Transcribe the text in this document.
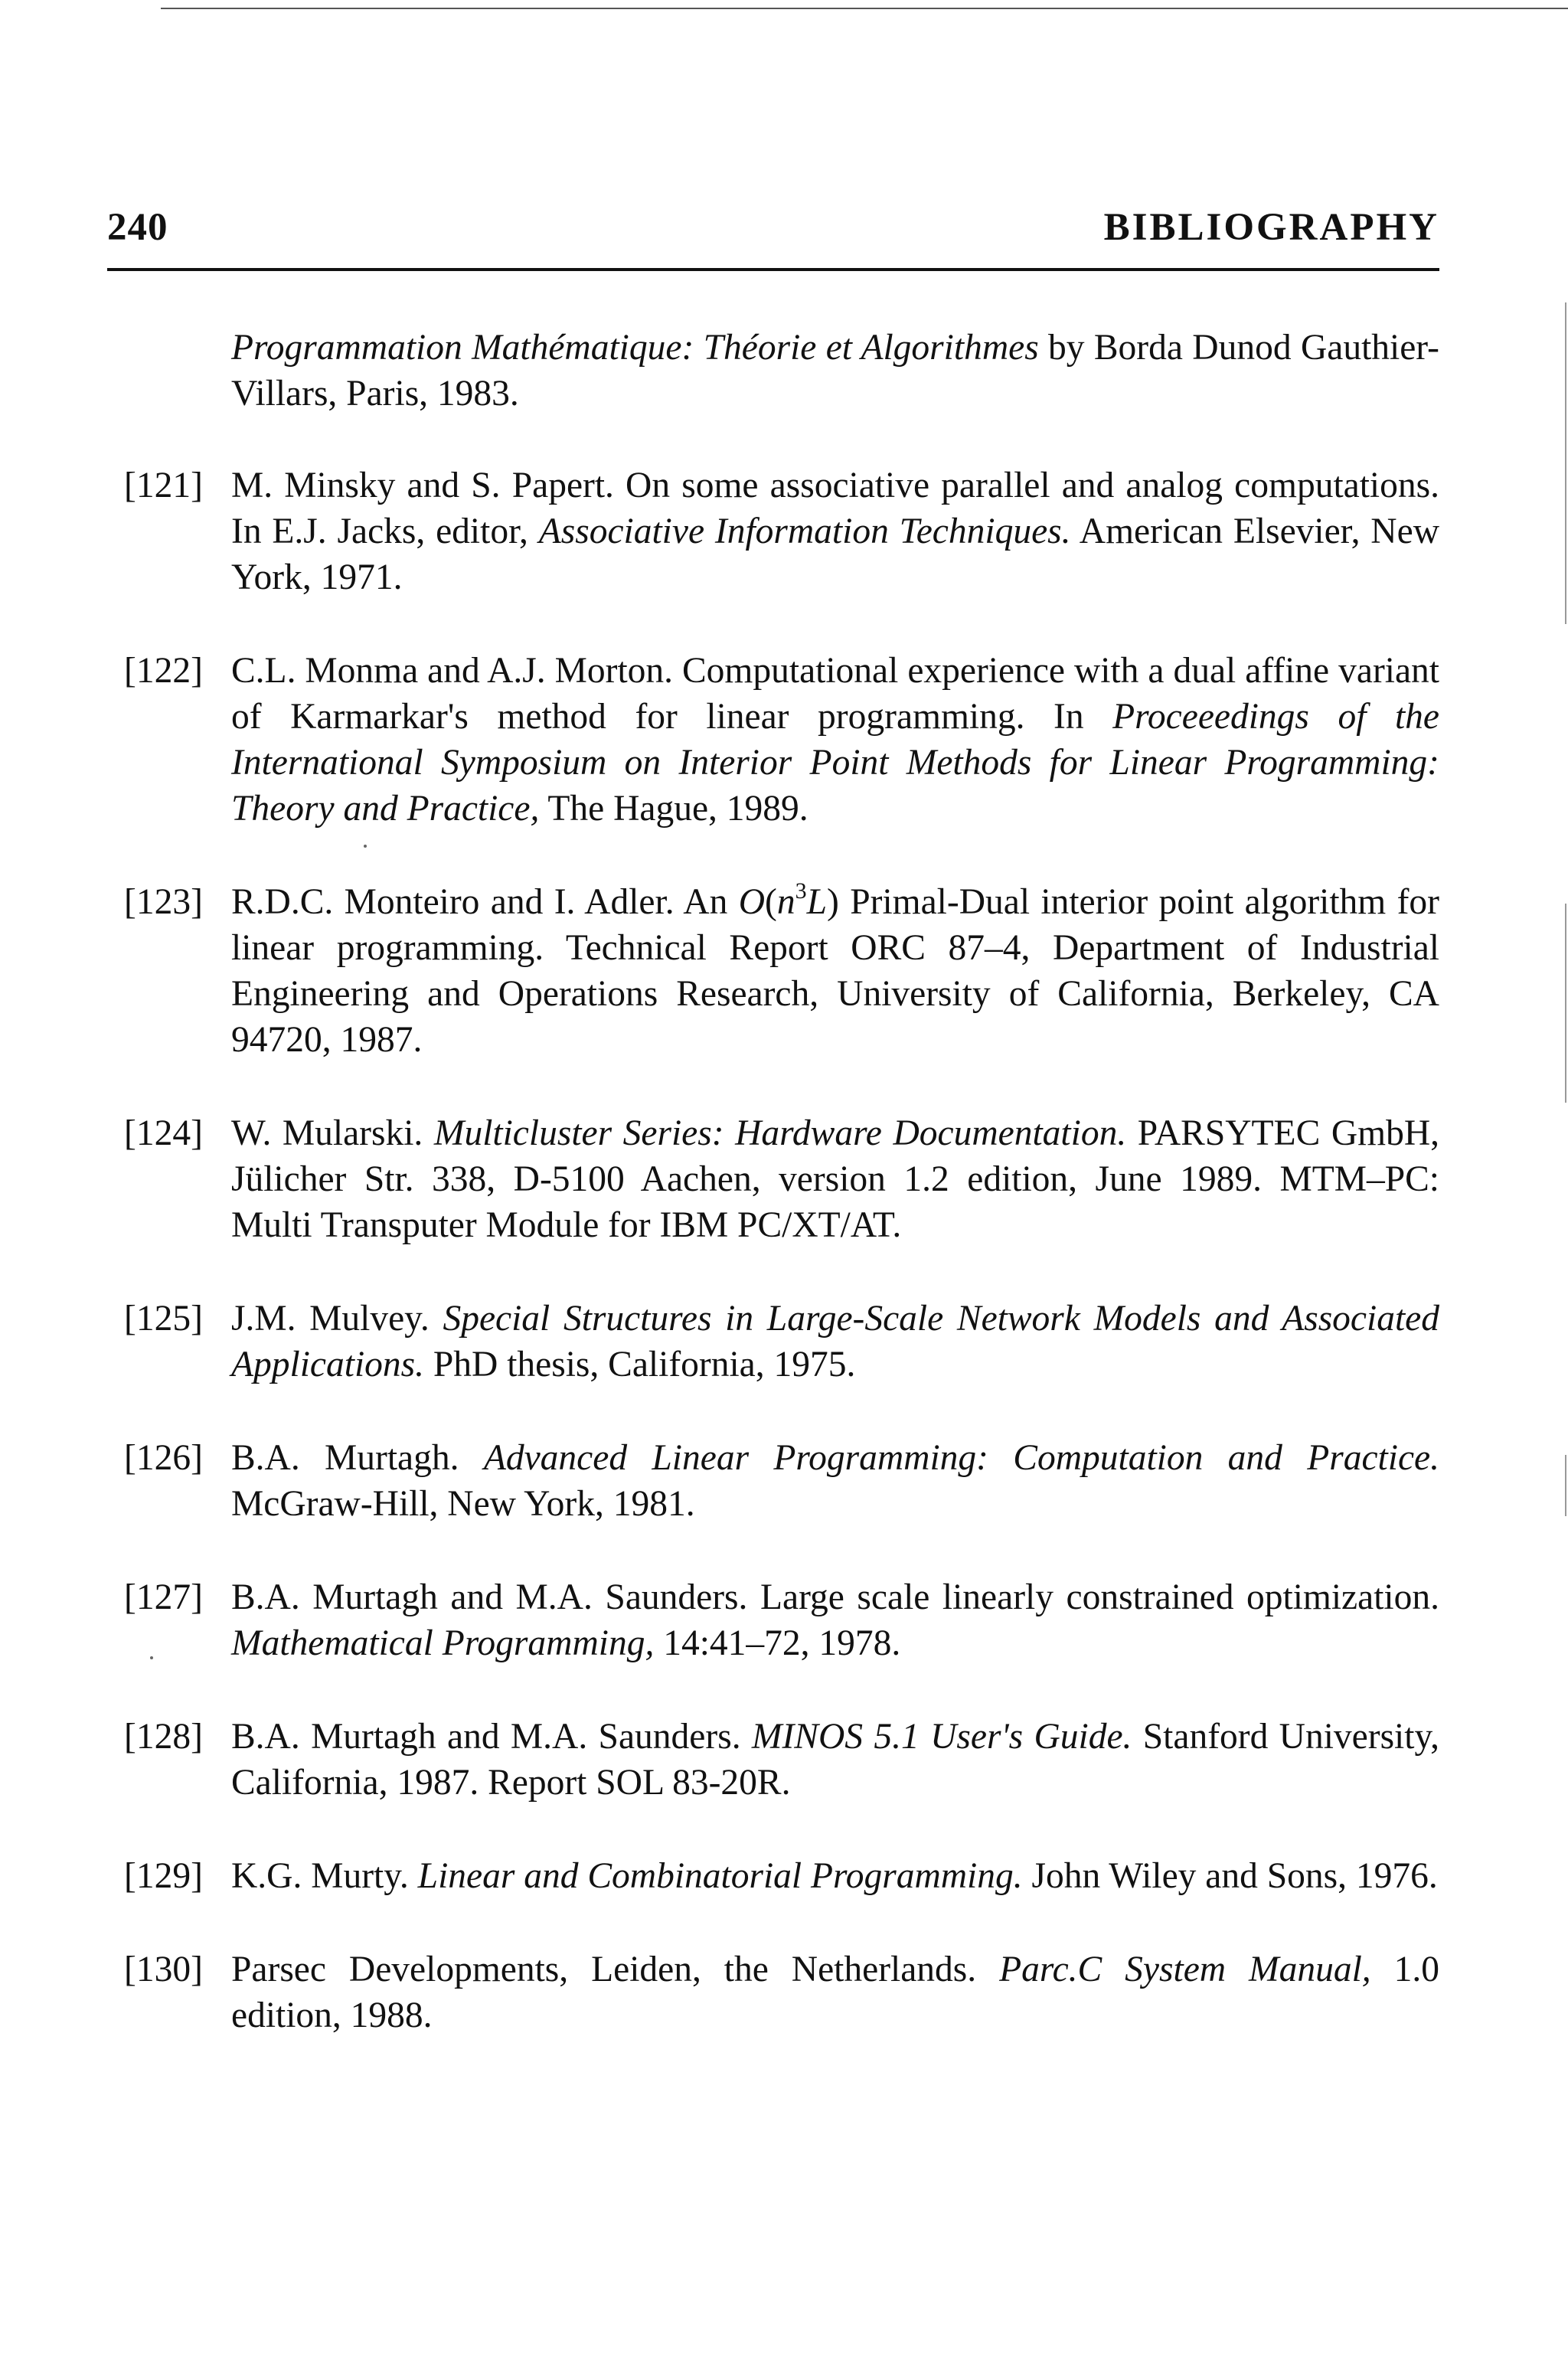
240	BIBLIOGRAPHY
Programmation Mathématique: Théorie et Algorithmes by Borda Dunod Gauthier-Villars, Paris, 1983.
[121] M. Minsky and S. Papert. On some associative parallel and analog computations. In E.J. Jacks, editor, Associative Information Techniques. American Elsevier, New York, 1971.
[122] C.L. Monma and A.J. Morton. Computational experience with a dual affine variant of Karmarkar's method for linear programming. In Proceeedings of the International Symposium on Interior Point Methods for Linear Programming: Theory and Practice, The Hague, 1989.
[123] R.D.C. Monteiro and I. Adler. An $O(n^3L)$ Primal-Dual interior point algorithm for linear programming. Technical Report ORC 87–4, Department of Industrial Engineering and Operations Research, University of California, Berkeley, CA 94720, 1987.
[124] W. Mularski. Multicluster Series: Hardware Documentation. PARSYTEC GmbH, Jülicher Str. 338, D-5100 Aachen, version 1.2 edition, June 1989. MTM–PC: Multi Transputer Module for IBM PC/XT/AT.
[125] J.M. Mulvey. Special Structures in Large-Scale Network Models and Associated Applications. PhD thesis, California, 1975.
[126] B.A. Murtagh. Advanced Linear Programming: Computation and Practice. McGraw-Hill, New York, 1981.
[127] B.A. Murtagh and M.A. Saunders. Large scale linearly constrained optimization. Mathematical Programming, 14:41–72, 1978.
[128] B.A. Murtagh and M.A. Saunders. MINOS 5.1 User's Guide. Stanford University, California, 1987. Report SOL 83-20R.
[129] K.G. Murty. Linear and Combinatorial Programming. John Wiley and Sons, 1976.
[130] Parsec Developments, Leiden, the Netherlands. Parc.C System Manual, 1.0 edition, 1988.
